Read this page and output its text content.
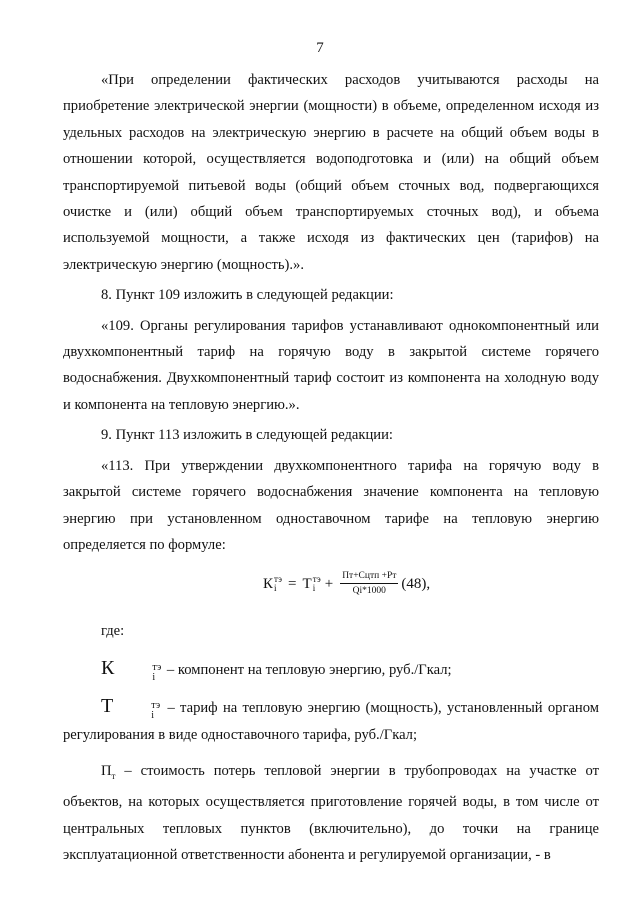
7

«При определении фактических расходов учитываются расходы на приобретение электрической энергии (мощности) в объеме, определенном исходя из удельных расходов на электрическую энергию в расчете на общий объем воды в отношении которой, осуществляется водоподготовка и (или) на общий объем транспортируемой питьевой воды (общий объем сточных вод, подвергающихся очистке и (или) общий объем транспортируемых сточных вод), и объема используемой мощности, а также исходя из фактических цен (тарифов) на электрическую энергию (мощность).».

8. Пункт 109 изложить в следующей редакции:

«109. Органы регулирования тарифов устанавливают однокомпонентный или двухкомпонентный тариф на горячую воду в закрытой системе горячего водоснабжения. Двухкомпонентный тариф состоит из компонента на холодную воду и компонента на тепловую энергию.».

9. Пункт 113 изложить в следующей редакции:

«113. При утверждении двухкомпонентного тарифа на горячую воду в закрытой системе горячего водоснабжения значение компонента на тепловую энергию при установленном одноставочном тарифе на тепловую энергию определяется по формуле:

К тэ
i = Т тэ
$i + \frac{\text{Пт+Сцтп +Рт}}{Qi*1000} (48)$,

где:

К	тэ
i – компонент на тепловую энергию, руб./Гкал;

Т	тэ
i – тариф на тепловую энергию (мощность), установленный органом регулирования в виде одноставочного тарифа, руб./Гкал;

$П_т$ – стоимость потерь тепловой энергии в трубопроводах на участке от объектов, на которых осуществляется приготовление горячей воды, в том числе от центральных тепловых пунктов (включительно), до точки на границе эксплуатационной ответственности абонента и регулируемой организации, - в
